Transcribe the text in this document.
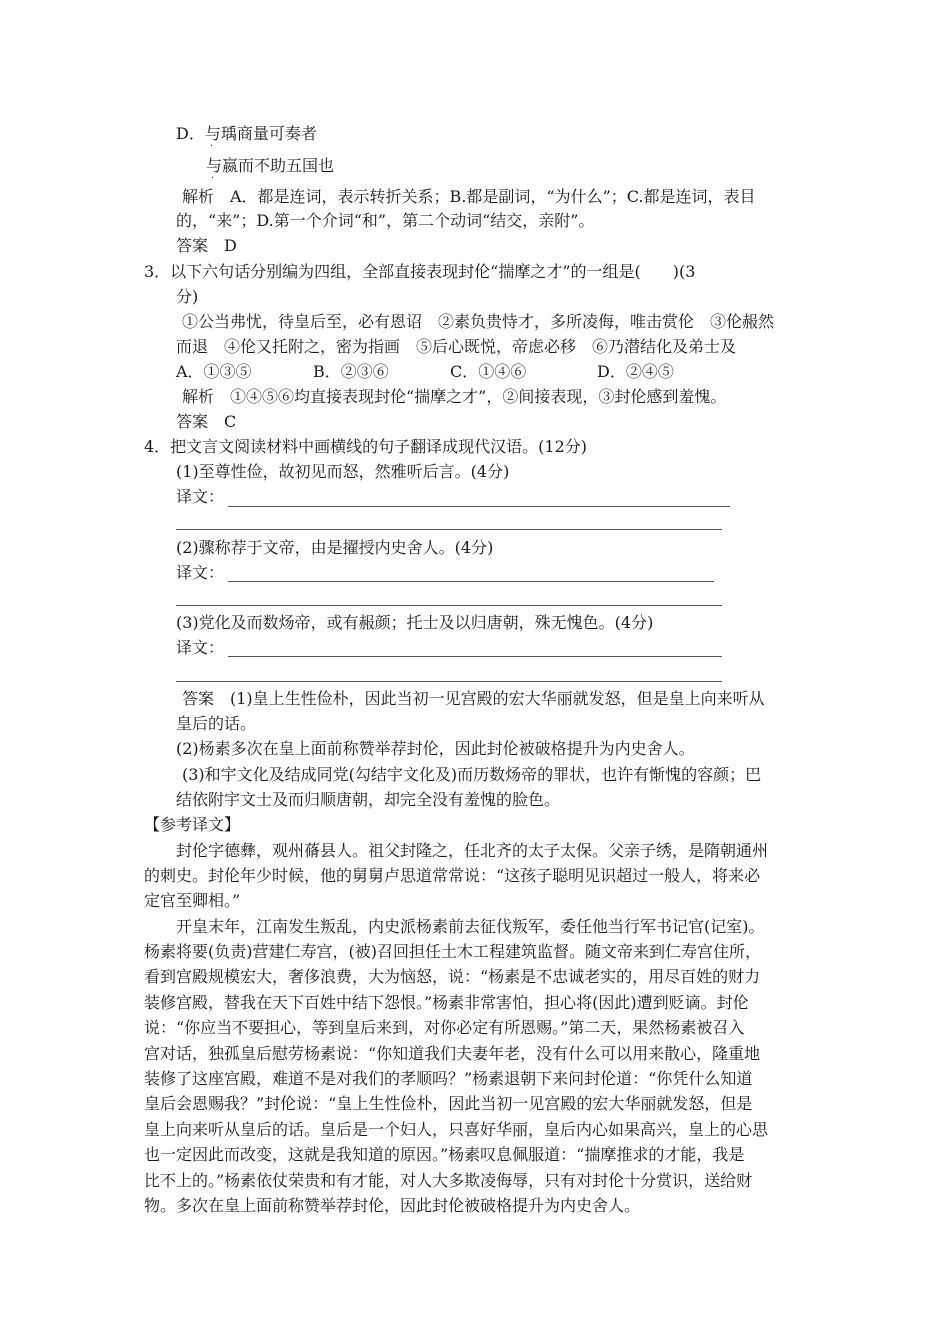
D．与
·
瑀商量可奏者
与
·
嬴而不助五国也
解析　A．都是连词，表示转折关系；B.都是副词，“为什么”；C.都是连词，表目
的，“来”；D.第一个介词“和”，第二个动词“结交，亲附”。
答案　D
3．以下六句话分别编为四组，全部直接表现封伦“揣摩之才”的一组是(　　)(3
分)
①公当弗忧，待皇后至，必有恩诏　②素负贵恃才，多所凌侮，唯击赏伦　③伦赧然
而退　④伦又托附之，密为指画　⑤后心既悦，帝虑必移　⑥乃潜结化及弟士及
A．①③⑤	B．②③⑥	C．①④⑥	D．②④⑤
解析　①④⑤⑥均直接表现封伦“揣摩之才”，②间接表现，③封伦感到羞愧。
答案　C
4．把文言文阅读材料中画横线的句子翻译成现代汉语。(12分)
(1)至尊性俭，故初见而怒，然雅听后言。(4分)
译文：
(2)骤称荐于文帝，由是擢授内史舍人。(4分)
译文：
(3)党化及而数炀帝，或有赧颜；托士及以归唐朝，殊无愧色。(4分)
译文：
答案　(1)皇上生性俭朴，因此当初一见宫殿的宏大华丽就发怒，但是皇上向来听从
皇后的话。
(2)杨素多次在皇上面前称赞举荐封伦，因此封伦被破格提升为内史舍人。
(3)和宇文化及结成同党(勾结宇文化及)而历数炀帝的罪状，也许有惭愧的容颜；巴
结依附宇文士及而归顺唐朝，却完全没有羞愧的脸色。
【参考译文】
封伦字德彝，观州蓨县人。祖父封隆之，任北齐的太子太保。父亲子绣，是隋朝通州
的刺史。封伦年少时候，他的舅舅卢思道常常说：“这孩子聪明见识超过一般人，将来必
定官至卿相。”
开皇末年，江南发生叛乱，内史派杨素前去征伐叛军，委任他当行军书记官(记室)。
杨素将要(负责)营建仁寿宫，(被)召回担任土木工程建筑监督。随文帝来到仁寿宫住所，
看到宫殿规模宏大，奢侈浪费，大为恼怒，说：“杨素是不忠诚老实的，用尽百姓的财力
装修宫殿，替我在天下百姓中结下怨恨。”杨素非常害怕，担心将(因此)遭到贬谪。封伦
说：“你应当不要担心，等到皇后来到，对你必定有所恩赐。”第二天，果然杨素被召入
宫对话，独孤皇后慰劳杨素说：“你知道我们夫妻年老，没有什么可以用来散心，隆重地
装修了这座宫殿，难道不是对我们的孝顺吗？”杨素退朝下来问封伦道：“你凭什么知道
皇后会恩赐我？”封伦说：“皇上生性俭朴，因此当初一见宫殿的宏大华丽就发怒，但是
皇上向来听从皇后的话。皇后是一个妇人，只喜好华丽，皇后内心如果高兴，皇上的心思
也一定因此而改变，这就是我知道的原因。”杨素叹息佩服道：“揣摩推求的才能，我是
比不上的。”杨素依仗荣贵和有才能，对人大多欺凌侮辱，只有对封伦十分赏识，送给财
物。多次在皇上面前称赞举荐封伦，因此封伦被破格提升为内史舍人。
